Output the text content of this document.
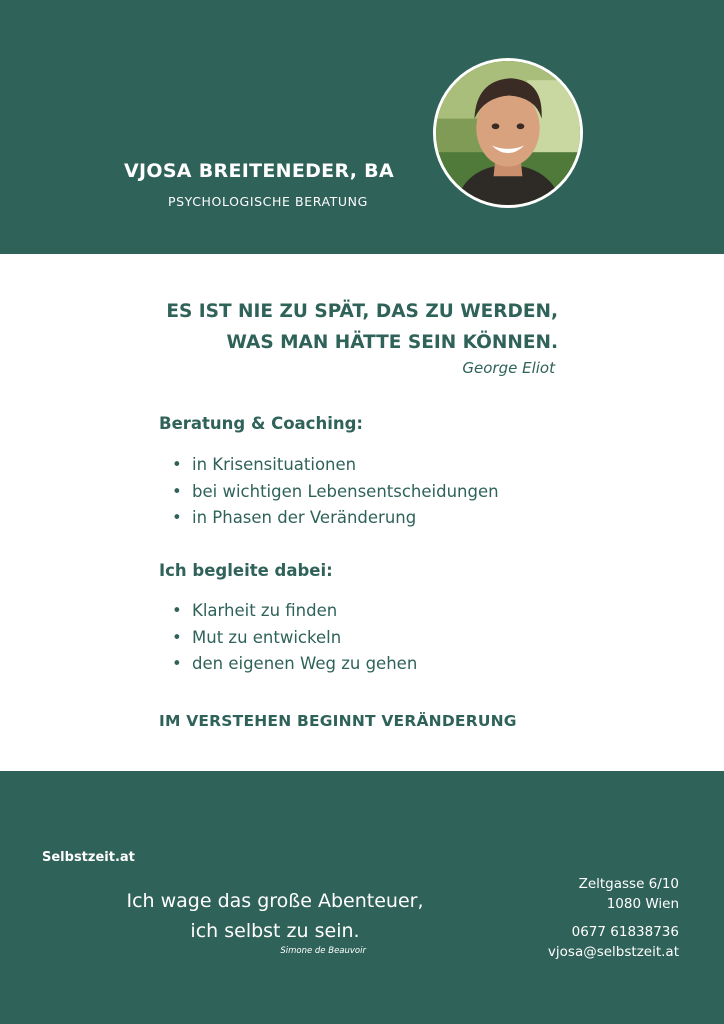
VJOSA BREITENEDER, BA
PSYCHOLOGISCHE BERATUNG
ES IST NIE ZU SPÄT, DAS ZU WERDEN,
WAS MAN HÄTTE SEIN KÖNNEN.
George Eliot
Beratung & Coaching:
• in Krisensituationen
• bei wichtigen Lebensentscheidungen
• in Phasen der Veränderung
Ich begleite dabei:
• Klarheit zu finden
• Mut zu entwickeln
• den eigenen Weg zu gehen
IM VERSTEHEN BEGINNT VERÄNDERUNG
Selbstzeit.at
Ich wage das große Abenteuer,
ich selbst zu sein.
Simone de Beauvoir
Zeltgasse 6/10
1080 Wien
0677 61838736
vjosa@selbstzeit.at
